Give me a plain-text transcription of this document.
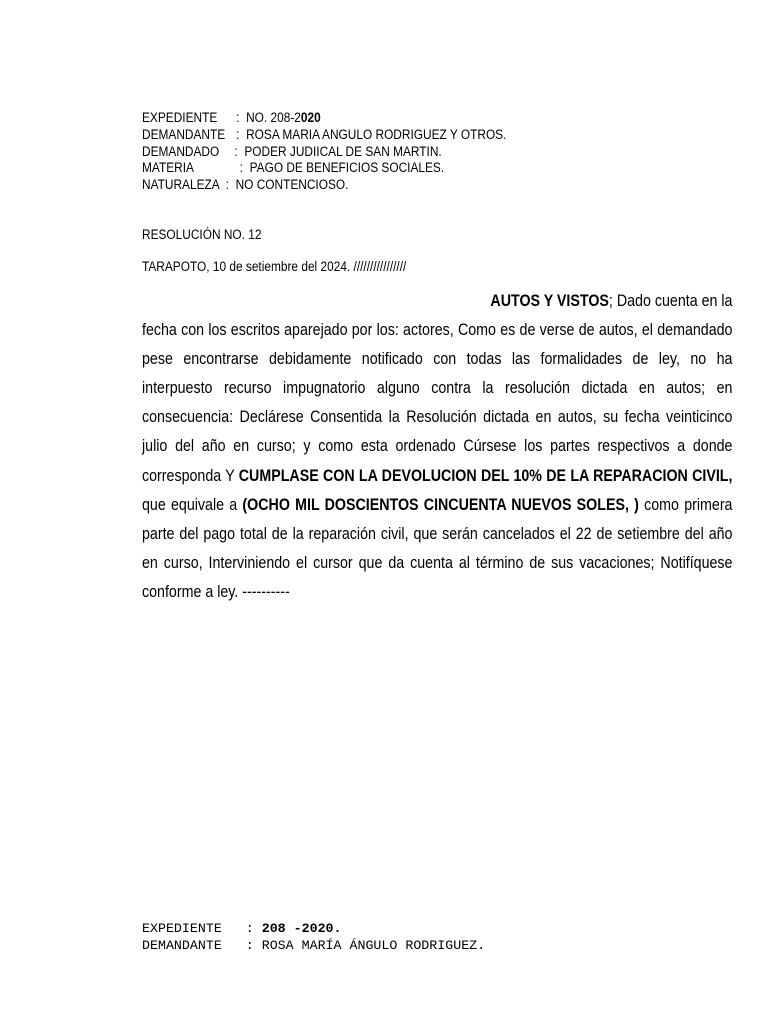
EXPEDIENTE : NO. 208-2020
DEMANDANTE : ROSA MARIA ANGULO RODRIGUEZ Y OTROS.
DEMANDADO : PODER JUDIICAL DE SAN MARTIN.
MATERIA	: PAGO DE BENEFICIOS SOCIALES.
NATURALEZA : NO CONTENCIOSO.
RESOLUCIÓN NO. 12
TARAPOTO, 10 de setiembre del 2024. ////////////////
AUTOS Y VISTOS; Dado cuenta en la
fecha con los escritos aparejado por los: actores, Como es de verse de autos, el demandado pese encontrarse debidamente notificado con todas las formalidades de ley, no ha interpuesto recurso impugnatorio alguno contra la resolución dictada en autos; en consecuencia: Declárese Consentida la Resolución dictada en autos, su fecha veinticinco julio del año en curso; y como esta ordenado Cúrsese los partes respectivos a donde corresponda Y CUMPLASE CON LA DEVOLUCION DEL 10% DE LA REPARACION CIVIL, que equivale a (OCHO MIL DOSCIENTOS CINCUENTA NUEVOS SOLES, ) como primera parte del pago total de la reparación civil, que serán cancelados el 22 de setiembre del año en curso, Interviniendo el cursor que da cuenta al término de sus vacaciones; Notifíquese conforme a ley. ----------

EXPEDIENTE : 208 -2020.
DEMANDANTE : ROSA MARÍA ÁNGULO RODRIGUEZ.
